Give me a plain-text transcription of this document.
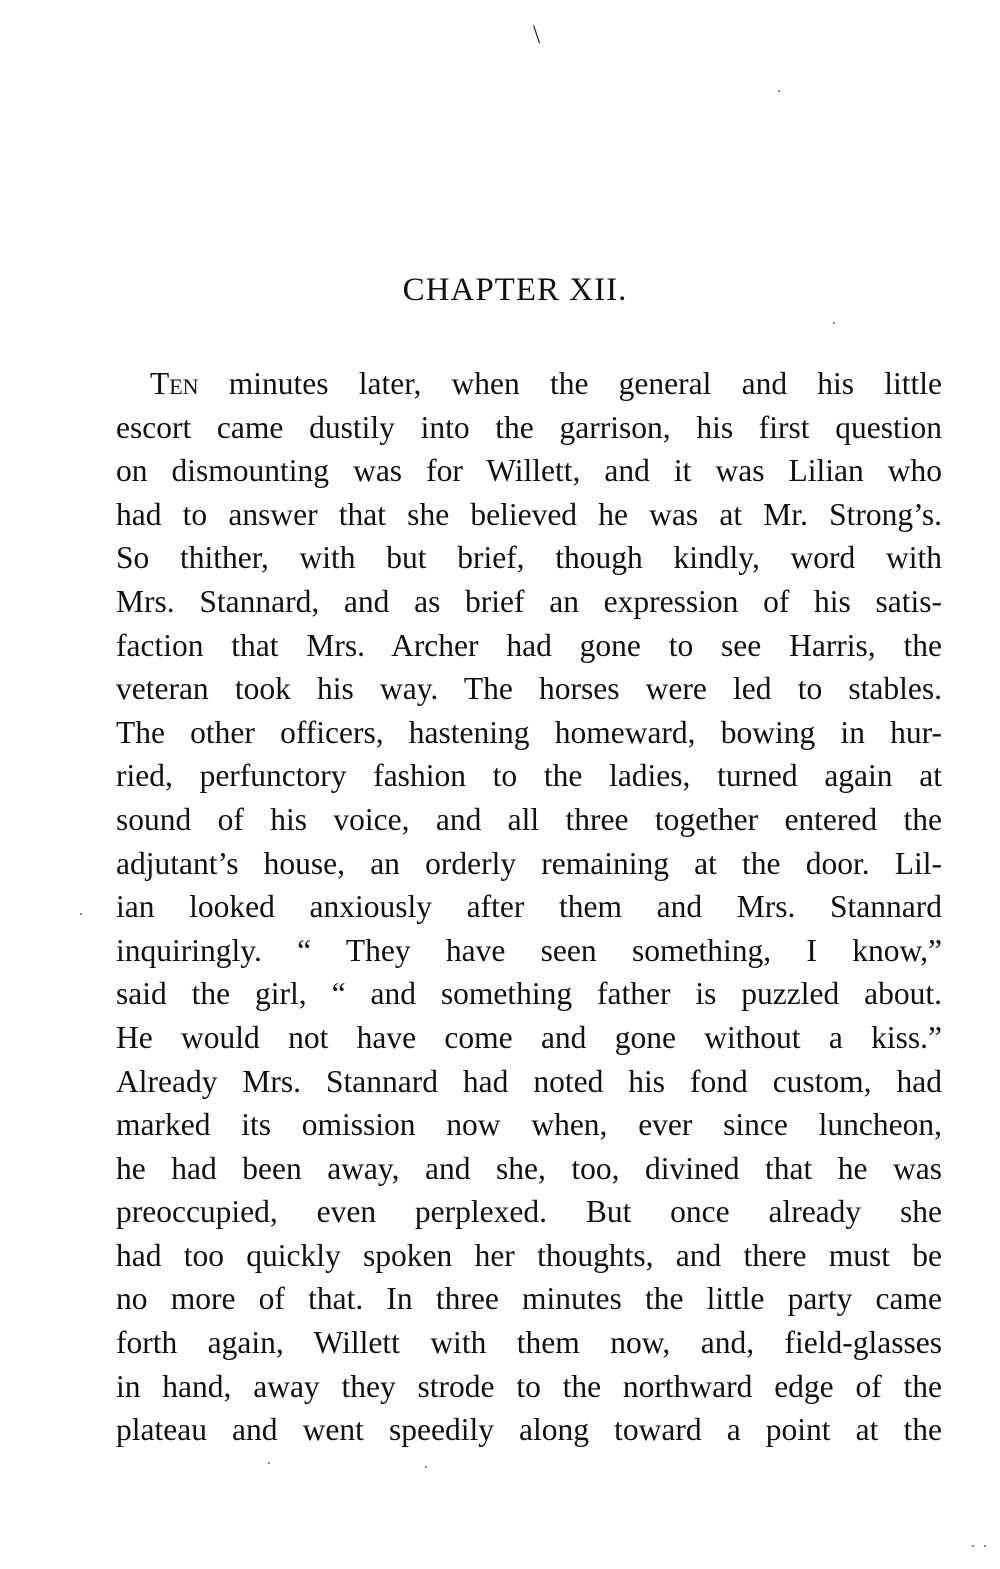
\
CHAPTER XII.
Ten minutes later, when the general and his little
escort came dustily into the garrison, his first question
on dismounting was for Willett, and it was Lilian who
had to answer that she believed he was at Mr. Strong’s.
So thither, with but brief, though kindly, word with
Mrs. Stannard, and as brief an expression of his satis-
faction that Mrs. Archer had gone to see Harris, the
veteran took his way. The horses were led to stables.
The other officers, hastening homeward, bowing in hur-
ried, perfunctory fashion to the ladies, turned again at
sound of his voice, and all three together entered the
adjutant’s house, an orderly remaining at the door. Lil-
ian looked anxiously after them and Mrs. Stannard
inquiringly. “ They have seen something, I know,”
said the girl, “ and something father is puzzled about.
He would not have come and gone without a kiss.”
Already Mrs. Stannard had noted his fond custom, had
marked its omission now when, ever since luncheon,
he had been away, and she, too, divined that he was
preoccupied, even perplexed. But once already she
had too quickly spoken her thoughts, and there must be
no more of that. In three minutes the little party came
forth again, Willett with them now, and, field-glasses
in hand, away they strode to the northward edge of the
plateau and went speedily along toward a point at the
